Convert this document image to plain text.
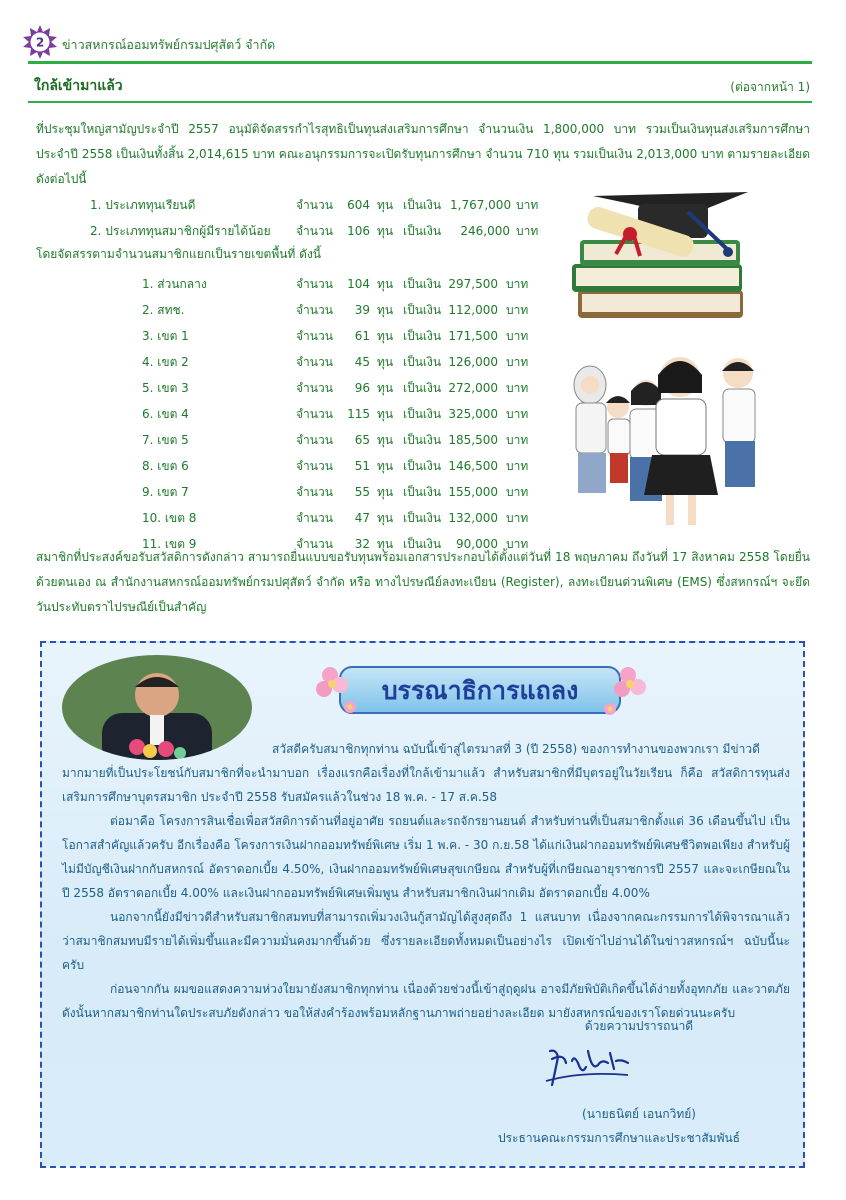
2 ข่าวสหกรณ์ออมทรัพย์กรมปศุสัตว์ จำกัด
ใกล้เข้ามาแล้ว	(ต่อจากหน้า 1)

ที่ประชุมใหญ่สามัญประจำปี 2557 อนุมัติจัดสรรกำไรสุทธิเป็นทุนส่งเสริมการศึกษา จำนวนเงิน 1,800,000 บาท รวมเป็นเงินทุนส่งเสริมการศึกษา ประจำปี 2558 เป็นเงินทั้งสิ้น 2,014,615 บาท คณะอนุกรรมการจะเปิดรับทุนการศึกษา จำนวน 710 ทุน รวมเป็นเงิน 2,013,000 บาท ตามรายละเอียดดังต่อไปนี้

1. ประเภททุนเรียนดี	จำนวน	604 ทุน เป็นเงิน 1,767,000 บาท
2. ประเภททุนสมาชิกผู้มีรายได้น้อย จำนวน	106 ทุน เป็นเงิน	246,000 บาท
โดยจัดสรรตามจำนวนสมาชิกแยกเป็นรายเขตพื้นที่ ดังนี้
1. ส่วนกลาง	จำนวน	104 ทุน เป็นเงิน 297,500 บาท
2. สทช.	จำนวน	39 ทุน เป็นเงิน 112,000 บาท
3. เขต 1	จำนวน	61 ทุน เป็นเงิน 171,500 บาท
4. เขต 2	จำนวน	45 ทุน เป็นเงิน 126,000 บาท
5. เขต 3	จำนวน	96 ทุน เป็นเงิน 272,000 บาท
6. เขต 4	จำนวน	115 ทุน เป็นเงิน 325,000 บาท
7. เขต 5	จำนวน	65 ทุน เป็นเงิน 185,500 บาท
8. เขต 6	จำนวน	51 ทุน เป็นเงิน 146,500 บาท
9. เขต 7	จำนวน	55 ทุน เป็นเงิน 155,000 บาท
10. เขต 8	จำนวน	47 ทุน เป็นเงิน 132,000 บาท
11. เขต 9	จำนวน	32 ทุน เป็นเงิน	90,000 บาท

สมาชิกที่ประสงค์ขอรับสวัสดิการดังกล่าว สามารถยื่นแบบขอรับทุนพร้อมเอกสารประกอบได้ตั้งแต่วันที่ 18 พฤษภาคม ถึงวันที่ 17 สิงหาคม 2558 โดยยื่นด้วยตนเอง ณ สำนักงานสหกรณ์ออมทรัพย์กรมปศุสัตว์ จำกัด หรือ ทางไปรษณีย์ลงทะเบียน (Register), ลงทะเบียนด่วนพิเศษ (EMS) ซึ่งสหกรณ์ฯ จะยึดวันประทับตราไปรษณีย์เป็นสำคัญ

บรรณาธิการแถลง

สวัสดีครับสมาชิกทุกท่าน ฉบับนี้เข้าสู่ไตรมาสที่ 3 (ปี 2558) ของการทำงานของพวกเรา มีข่าวดี

มากมายที่เป็นประโยชน์กับสมาชิกที่จะนำมาบอก เรื่องแรกคือเรื่องที่ใกล้เข้ามาแล้ว สำหรับสมาชิกที่มีบุตรอยู่ในวัยเรียน ก็คือ สวัสดิการทุนส่งเสริมการศึกษาบุตรสมาชิก ประจำปี 2558 รับสมัครแล้วในช่วง 18 พ.ค. - 17 ส.ค.58

ต่อมาคือ โครงการสินเชื่อเพื่อสวัสดิการด้านที่อยู่อาศัย รถยนต์และรถจักรยานยนต์ สำหรับท่านที่เป็นสมาชิกตั้งแต่ 36 เดือนขึ้นไป เป็นโอกาสสำคัญแล้วครับ อีกเรื่องคือ โครงการเงินฝากออมทรัพย์พิเศษ เริ่ม 1 พ.ค. - 30 ก.ย.58 ได้แก่เงินฝากออมทรัพย์พิเศษชีวิตพอเพียง สำหรับผู้ไม่มีบัญชีเงินฝากกับสหกรณ์ อัตราดอกเบี้ย 4.50%, เงินฝากออมทรัพย์พิเศษสุขเกษียณ สำหรับผู้ที่เกษียณอายุราชการปี 2557 และจะเกษียณในปี 2558 อัตราดอกเบี้ย 4.00% และเงินฝากออมทรัพย์พิเศษเพิ่มพูน สำหรับสมาชิกเงินฝากเดิม อัตราดอกเบี้ย 4.00%

นอกจากนี้ยังมีข่าวดีสำหรับสมาชิกสมทบที่สามารถเพิ่มวงเงินกู้สามัญได้สูงสุดถึง 1 แสนบาท เนื่องจากคณะกรรมการได้พิจารณาแล้วว่าสมาชิกสมทบมีรายได้เพิ่มขึ้นและมีความมั่นคงมากขึ้นด้วย ซึ่งรายละเอียดทั้งหมดเป็นอย่างไร เปิดเข้าไปอ่านได้ในข่าวสหกรณ์ฯ ฉบับนี้นะครับ

ก่อนจากกัน ผมขอแสดงความห่วงใยมายังสมาชิกทุกท่าน เนื่องด้วยช่วงนี้เข้าสู่ฤดูฝน อาจมีภัยพิบัติเกิดขึ้นได้ง่ายทั้งอุทกภัย และวาตภัย ดังนั้นหากสมาชิกท่านใดประสบภัยดังกล่าว ขอให้ส่งคำร้องพร้อมหลักฐานภาพถ่ายอย่างละเอียด มายังสหกรณ์ของเราโดยด่วนนะครับ

ด้วยความปรารถนาดี
(นายธนิตย์ เอนกวิทย์)
ประธานคณะกรรมการศึกษาและประชาสัมพันธ์
